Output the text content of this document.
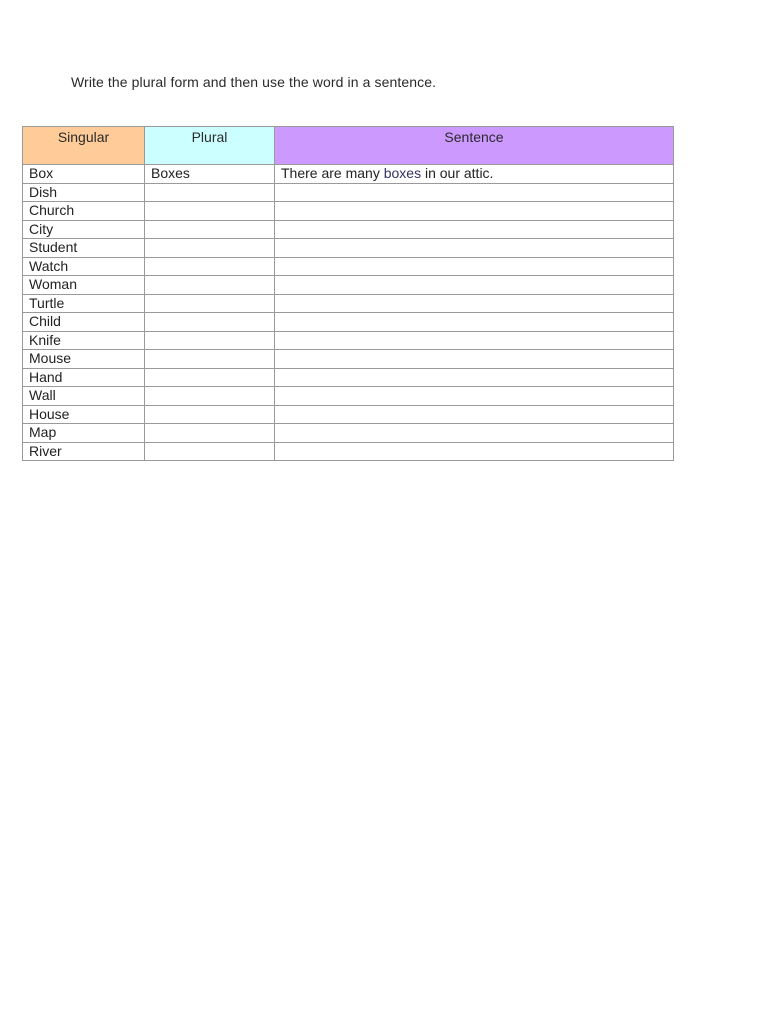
Write the plural form and then use the word in a sentence.
Singular	Plural	Sentence
Box	Boxes	There are many boxes in our attic.
Dish		
Church		
City		
Student		
Watch		
Woman		
Turtle		
Child		
Knife		
Mouse		
Hand		
Wall		
House		
Map		
River		
